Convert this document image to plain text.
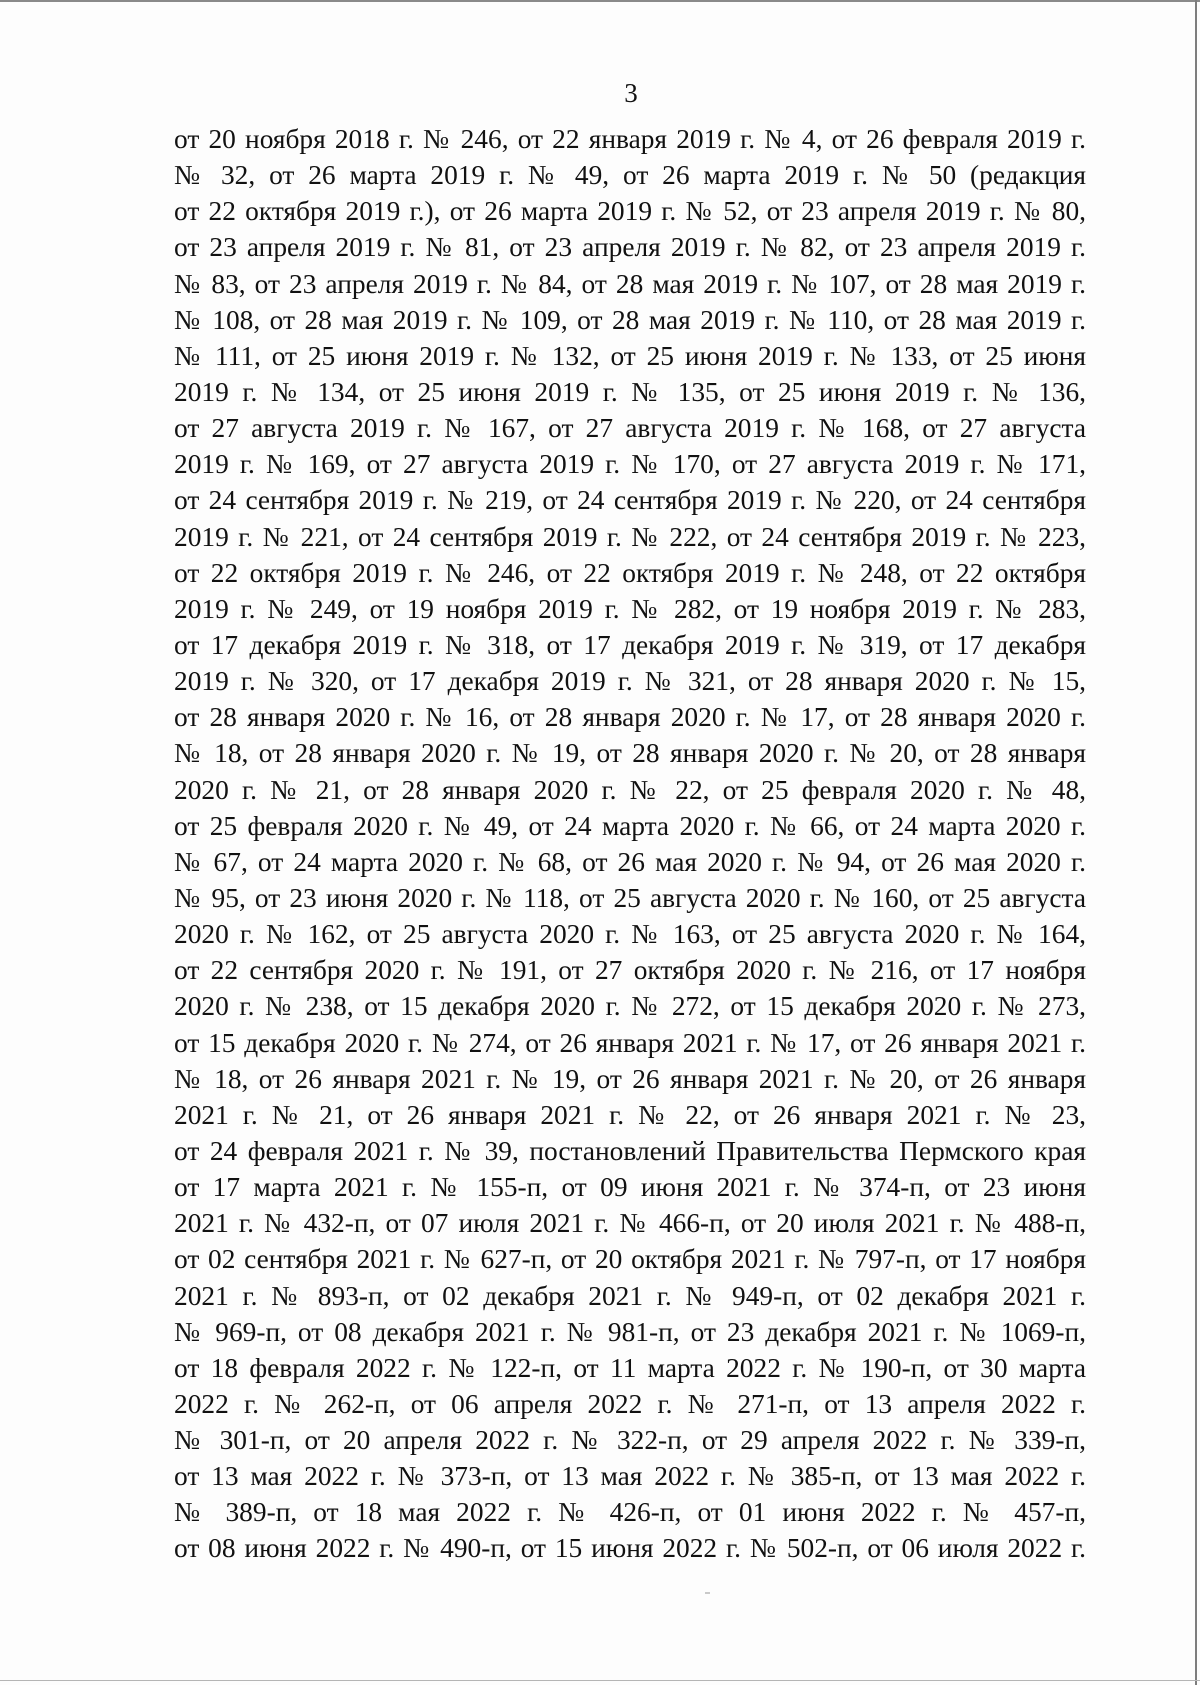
3
от 20 ноября 2018 г. № 246, от 22 января 2019 г. № 4, от 26 февраля 2019 г.
№ 32, от 26 марта 2019 г. № 49, от 26 марта 2019 г. № 50 (редакция
от 22 октября 2019 г.), от 26 марта 2019 г. № 52, от 23 апреля 2019 г. № 80,
от 23 апреля 2019 г. № 81, от 23 апреля 2019 г. № 82, от 23 апреля 2019 г.
№ 83, от 23 апреля 2019 г. № 84, от 28 мая 2019 г. № 107, от 28 мая 2019 г.
№ 108, от 28 мая 2019 г. № 109, от 28 мая 2019 г. № 110, от 28 мая 2019 г.
№ 111, от 25 июня 2019 г. № 132, от 25 июня 2019 г. № 133, от 25 июня
2019 г. № 134, от 25 июня 2019 г. № 135, от 25 июня 2019 г. № 136,
от 27 августа 2019 г. № 167, от 27 августа 2019 г. № 168, от 27 августа
2019 г. № 169, от 27 августа 2019 г. № 170, от 27 августа 2019 г. № 171,
от 24 сентября 2019 г. № 219, от 24 сентября 2019 г. № 220, от 24 сентября
2019 г. № 221, от 24 сентября 2019 г. № 222, от 24 сентября 2019 г. № 223,
от 22 октября 2019 г. № 246, от 22 октября 2019 г. № 248, от 22 октября
2019 г. № 249, от 19 ноября 2019 г. № 282, от 19 ноября 2019 г. № 283,
от 17 декабря 2019 г. № 318, от 17 декабря 2019 г. № 319, от 17 декабря
2019 г. № 320, от 17 декабря 2019 г. № 321, от 28 января 2020 г. № 15,
от 28 января 2020 г. № 16, от 28 января 2020 г. № 17, от 28 января 2020 г.
№ 18, от 28 января 2020 г. № 19, от 28 января 2020 г. № 20, от 28 января
2020 г. № 21, от 28 января 2020 г. № 22, от 25 февраля 2020 г. № 48,
от 25 февраля 2020 г. № 49, от 24 марта 2020 г. № 66, от 24 марта 2020 г.
№ 67, от 24 марта 2020 г. № 68, от 26 мая 2020 г. № 94, от 26 мая 2020 г.
№ 95, от 23 июня 2020 г. № 118, от 25 августа 2020 г. № 160, от 25 августа
2020 г. № 162, от 25 августа 2020 г. № 163, от 25 августа 2020 г. № 164,
от 22 сентября 2020 г. № 191, от 27 октября 2020 г. № 216, от 17 ноября
2020 г. № 238, от 15 декабря 2020 г. № 272, от 15 декабря 2020 г. № 273,
от 15 декабря 2020 г. № 274, от 26 января 2021 г. № 17, от 26 января 2021 г.
№ 18, от 26 января 2021 г. № 19, от 26 января 2021 г. № 20, от 26 января
2021 г. № 21, от 26 января 2021 г. № 22, от 26 января 2021 г. № 23,
от 24 февраля 2021 г. № 39, постановлений Правительства Пермского края
от 17 марта 2021 г. № 155-п, от 09 июня 2021 г. № 374-п, от 23 июня
2021 г. № 432-п, от 07 июля 2021 г. № 466-п, от 20 июля 2021 г. № 488-п,
от 02 сентября 2021 г. № 627-п, от 20 октября 2021 г. № 797-п, от 17 ноября
2021 г. № 893-п, от 02 декабря 2021 г. № 949-п, от 02 декабря 2021 г.
№ 969-п, от 08 декабря 2021 г. № 981-п, от 23 декабря 2021 г. № 1069-п,
от 18 февраля 2022 г. № 122-п, от 11 марта 2022 г. № 190-п, от 30 марта
2022 г. № 262-п, от 06 апреля 2022 г. № 271-п, от 13 апреля 2022 г.
№ 301-п, от 20 апреля 2022 г. № 322-п, от 29 апреля 2022 г. № 339-п,
от 13 мая 2022 г. № 373-п, от 13 мая 2022 г. № 385-п, от 13 мая 2022 г.
№ 389-п, от 18 мая 2022 г. № 426-п, от 01 июня 2022 г. № 457-п,
от 08 июня 2022 г. № 490-п, от 15 июня 2022 г. № 502-п, от 06 июля 2022 г.
